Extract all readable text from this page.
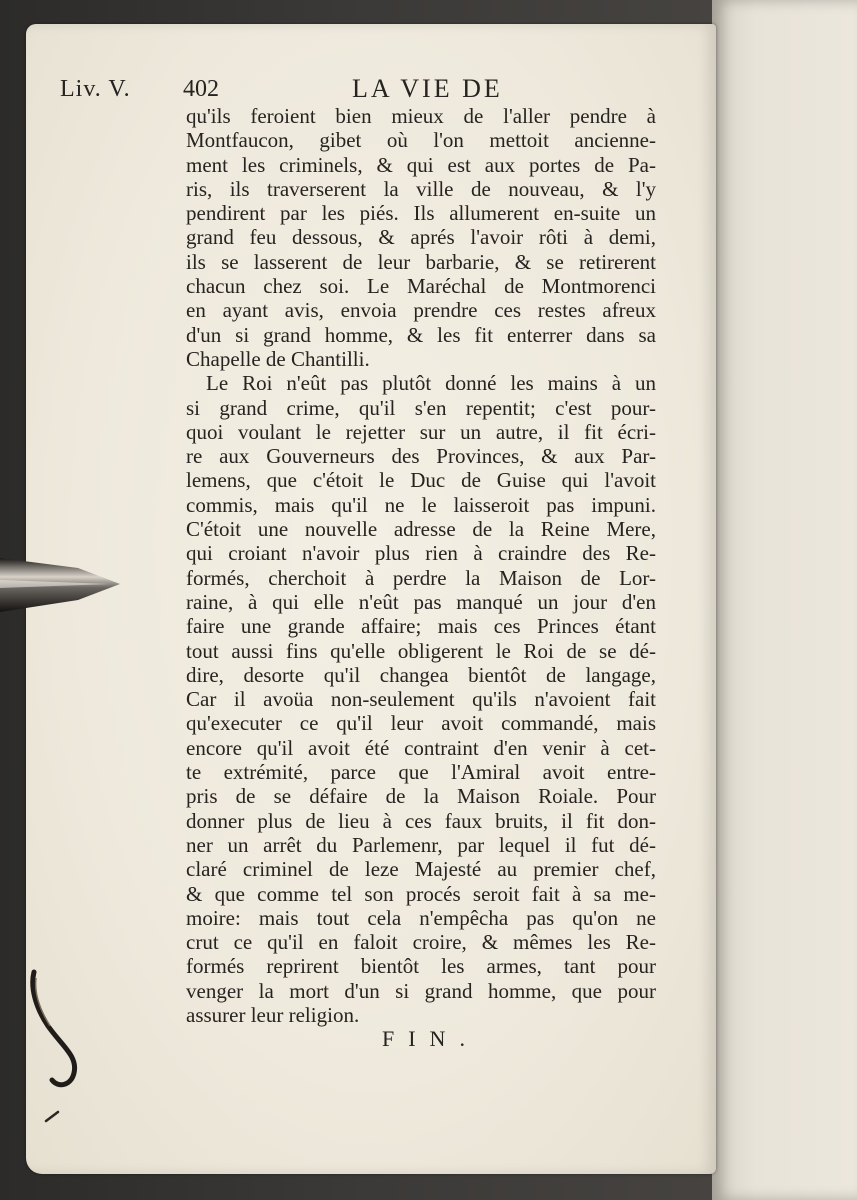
Liv. V. 402	LA VIE DE
qu'ils feroient bien mieux de l'aller pendre à
Montfaucon, gibet où l'on mettoit ancienne-
ment les criminels, & qui est aux portes de Pa-
ris, ils traverserent la ville de nouveau, & l'y
pendirent par les piés. Ils allumerent en-suite un
grand feu dessous, & aprés l'avoir rôti à demi,
ils se lasserent de leur barbarie, & se retirerent
chacun chez soi. Le Maréchal de Montmorenci
en ayant avis, envoia prendre ces restes afreux
d'un si grand homme, & les fit enterrer dans sa
Chapelle de Chantilli.
Le Roi n'eût pas plutôt donné les mains à un
si grand crime, qu'il s'en repentit; c'est pour-
quoi voulant le rejetter sur un autre, il fit écri-
re aux Gouverneurs des Provinces, & aux Par-
lemens, que c'étoit le Duc de Guise qui l'avoit
commis, mais qu'il ne le laisseroit pas impuni.
C'étoit une nouvelle adresse de la Reine Mere,
qui croiant n'avoir plus rien à craindre des Re-
formés, cherchoit à perdre la Maison de Lor-
raine, à qui elle n'eût pas manqué un jour d'en
faire une grande affaire; mais ces Princes étant
tout aussi fins qu'elle obligerent le Roi de se dé-
dire, desorte qu'il changea bientôt de langage,
Car il avoüa non-seulement qu'ils n'avoient fait
qu'executer ce qu'il leur avoit commandé, mais
encore qu'il avoit été contraint d'en venir à cet-
te extrémité, parce que l'Amiral avoit entre-
pris de se défaire de la Maison Roiale. Pour
donner plus de lieu à ces faux bruits, il fit don-
ner un arrêt du Parlemenr, par lequel il fut dé-
claré criminel de leze Majesté au premier chef,
& que comme tel son procés seroit fait à sa me-
moire: mais tout cela n'empêcha pas qu'on ne
crut ce qu'il en faloit croire, & mêmes les Re-
formés reprirent bientôt les armes, tant pour
venger la mort d'un si grand homme, que pour
assurer leur religion.
FIN.
